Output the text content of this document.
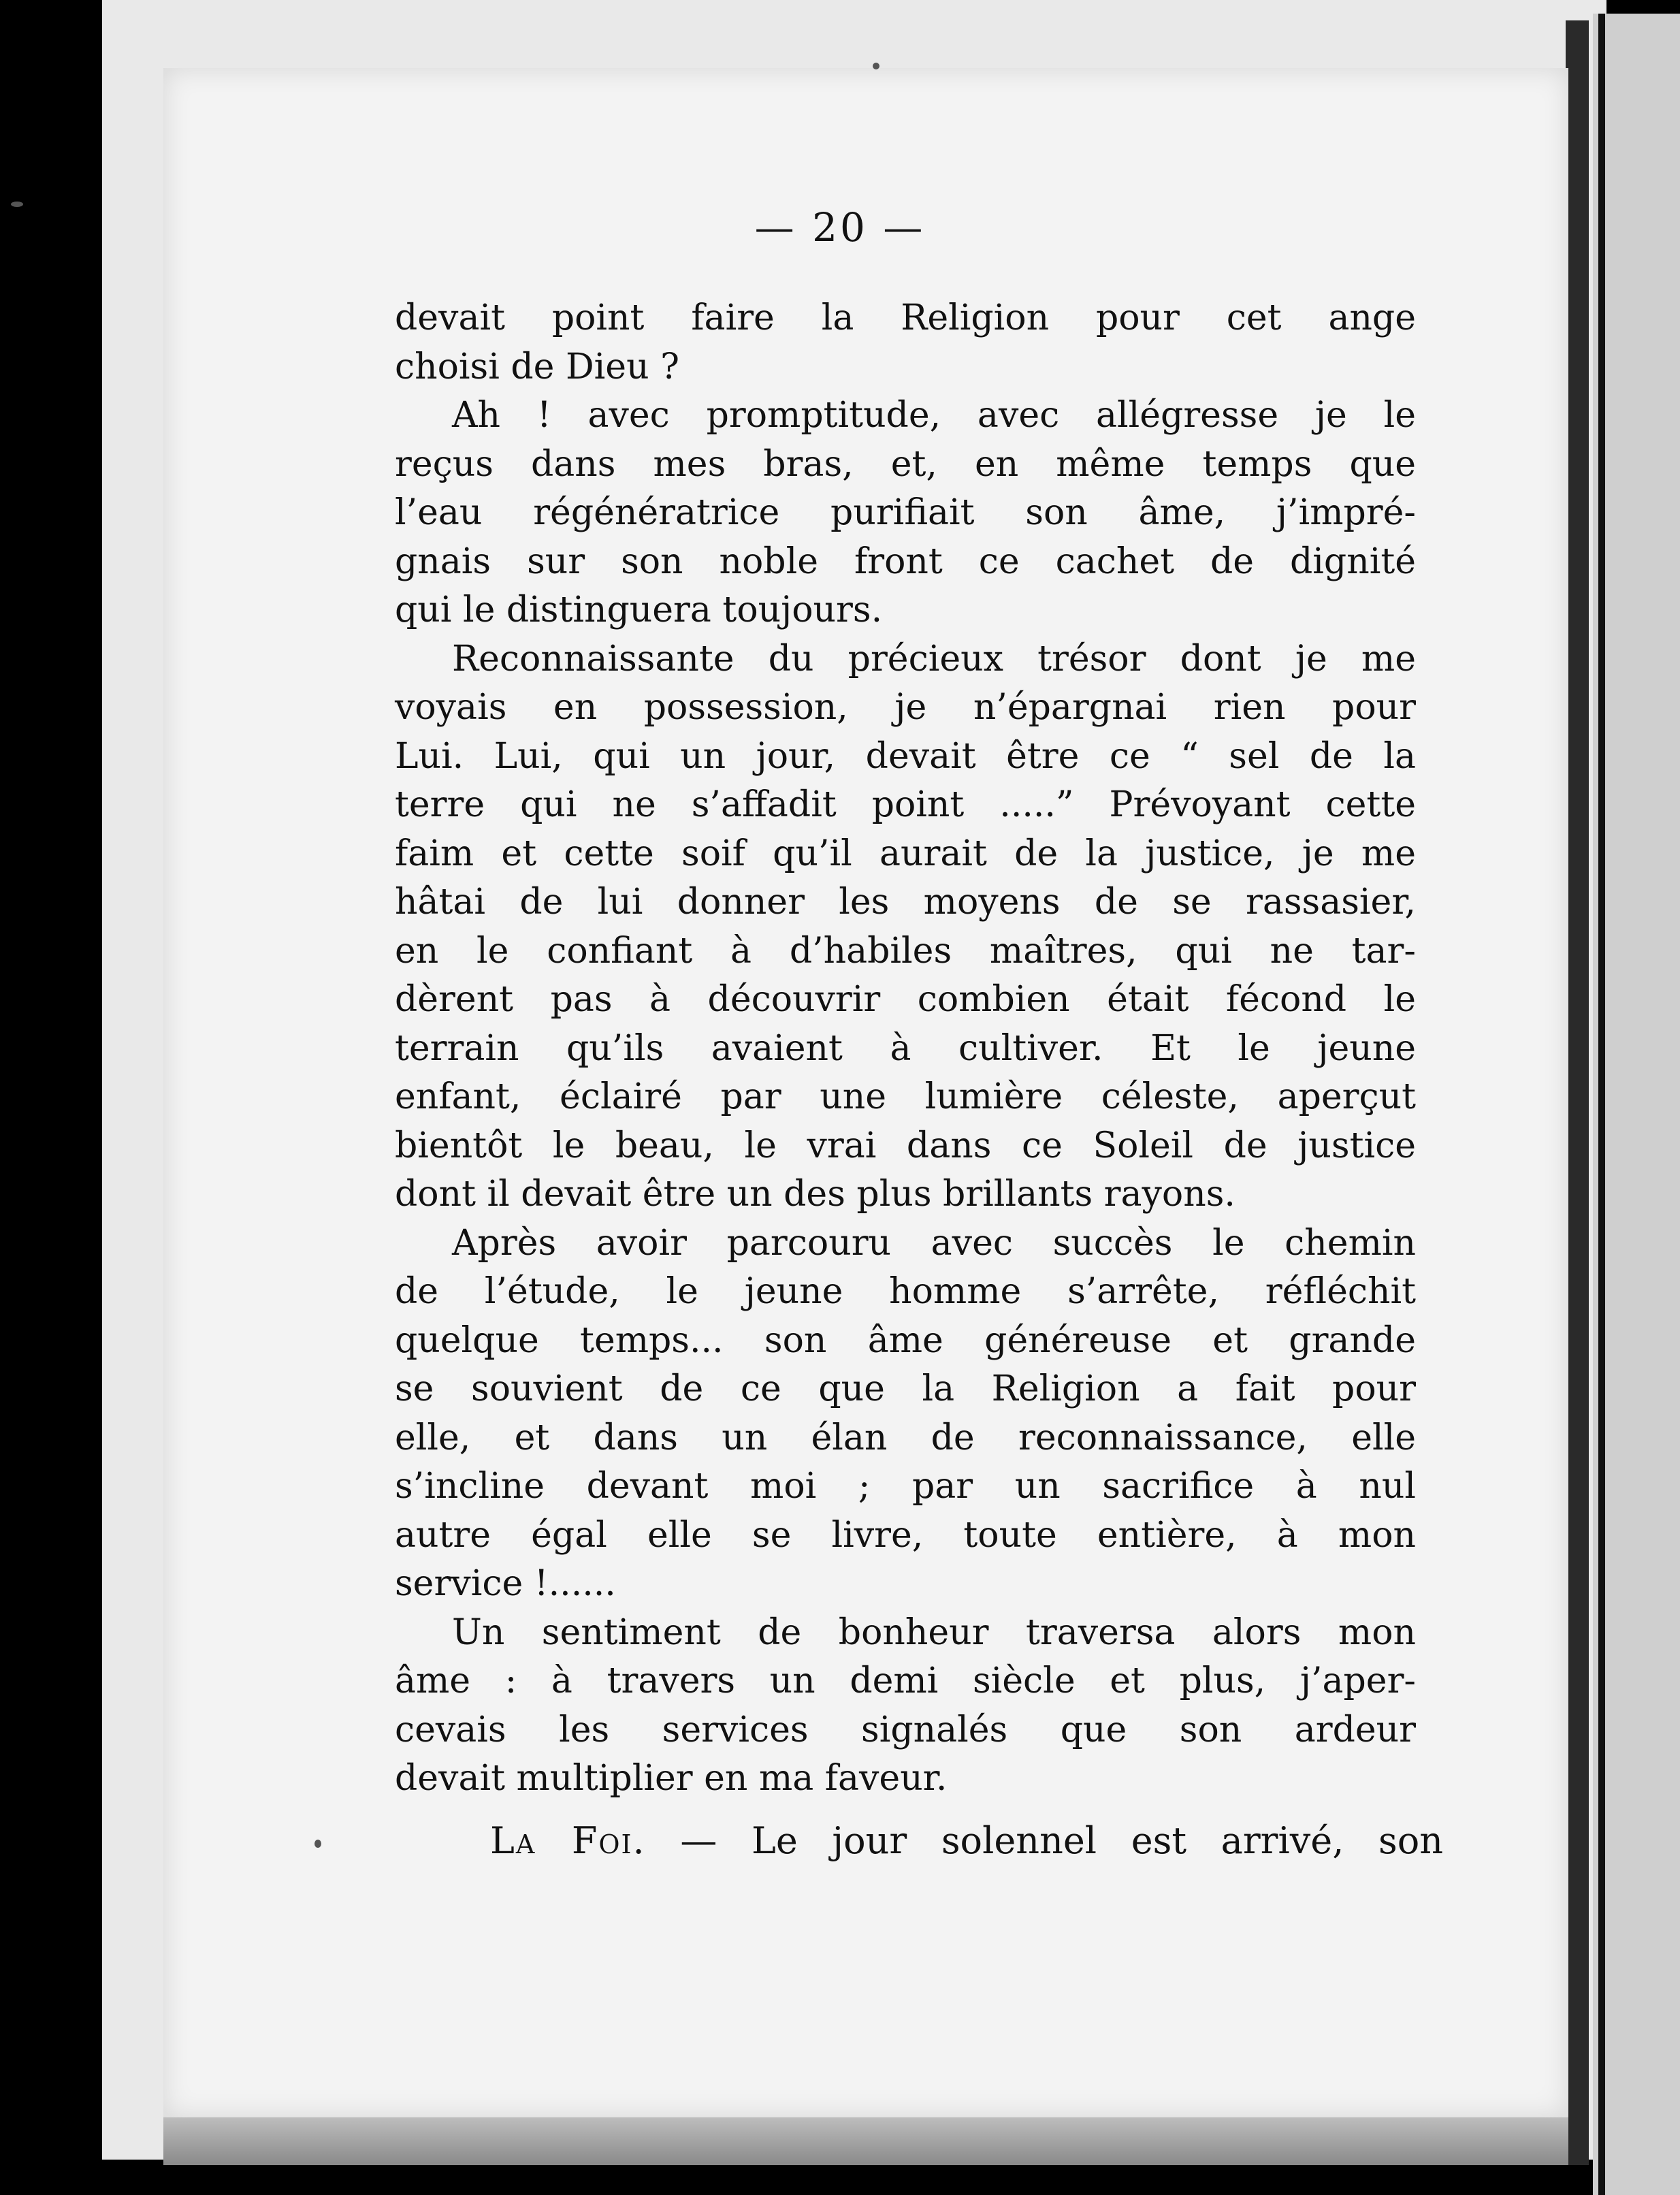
— 20 —
devait point faire la Religion pour cet ange
choisi de Dieu ?
Ah ! avec promptitude, avec allégresse je le
reçus dans mes bras, et, en même temps que
l’eau régénératrice purifiait son âme, j’impré-
gnais sur son noble front ce cachet de dignité
qui le distinguera toujours.
Reconnaissante du précieux trésor dont je me
voyais en possession, je n’épargnai rien pour
Lui. Lui, qui un jour, devait être ce “ sel de la
terre qui ne s’affadit point .....” Prévoyant cette
faim et cette soif qu’il aurait de la justice, je me
hâtai de lui donner les moyens de se rassasier,
en le confiant à d’habiles maîtres, qui ne tar-
dèrent pas à découvrir combien était fécond le
terrain qu’ils avaient à cultiver. Et le jeune
enfant, éclairé par une lumière céleste, aperçut
bientôt le beau, le vrai dans ce Soleil de justice
dont il devait être un des plus brillants rayons.
Après avoir parcouru avec succès le chemin
de l’étude, le jeune homme s’arrête, réfléchit
quelque temps... son âme généreuse et grande
se souvient de ce que la Religion a fait pour
elle, et dans un élan de reconnaissance, elle
s’incline devant moi ; par un sacrifice à nul
autre égal elle se livre, toute entière, à mon
service !......
Un sentiment de bonheur traversa alors mon
âme : à travers un demi siècle et plus, j’aper-
cevais les services signalés que son ardeur
devait multiplier en ma faveur.
La Foi. — Le jour solennel est arrivé, son
